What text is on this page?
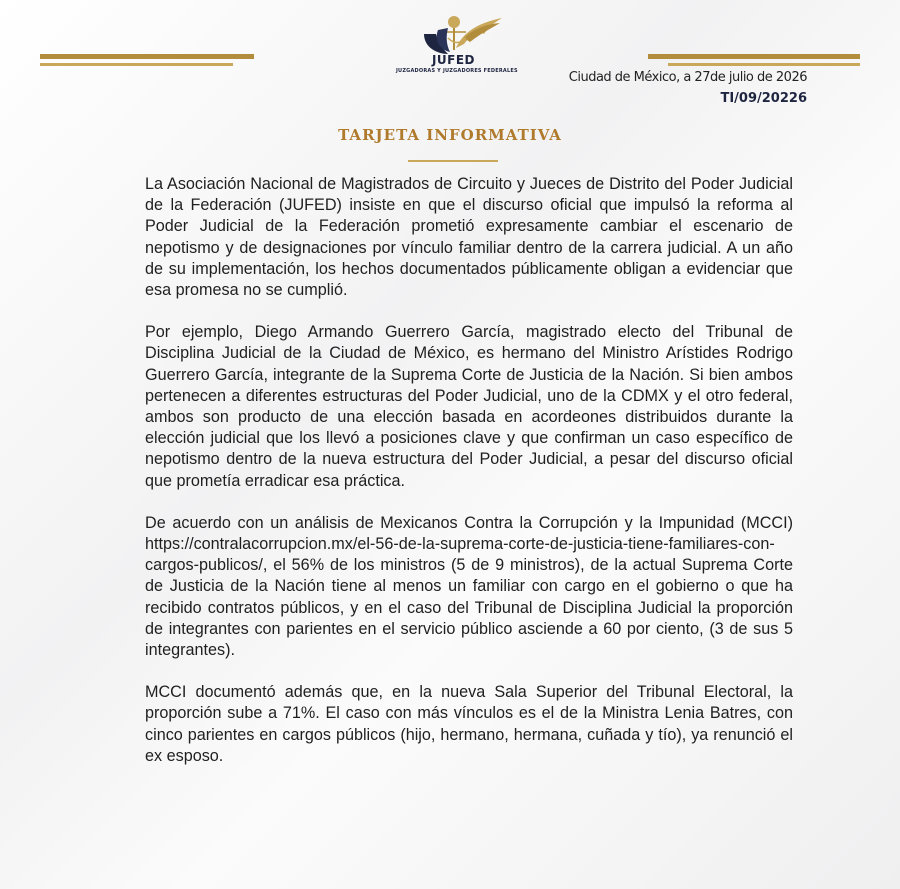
JUFED
JUZGADORAS Y JUZGADORES FEDERALES	Ciudad de México, a 27de julio de 2026
TI/09/20226
TARJETA INFORMATIVA

La Asociación Nacional de Magistrados de Circuito y Jueces de Distrito del Poder Judicial de la Federación (JUFED) insiste en que el discurso oficial que impulsó la reforma al Poder Judicial de la Federación prometió expresamente cambiar el escenario de nepotismo y de designaciones por vínculo familiar dentro de la carrera judicial. A un año de su implementación, los hechos documentados públicamente obligan a evidenciar que esa promesa no se cumplió.

Por ejemplo, Diego Armando Guerrero García, magistrado electo del Tribunal de Disciplina Judicial de la Ciudad de México, es hermano del Ministro Arístides Rodrigo Guerrero García, integrante de la Suprema Corte de Justicia de la Nación. Si bien ambos pertenecen a diferentes estructuras del Poder Judicial, uno de la CDMX y el otro federal, ambos son producto de una elección basada en acordeones distribuidos durante la elección judicial que los llevó a posiciones clave y que confirman un caso específico de nepotismo dentro de la nueva estructura del Poder Judicial, a pesar del discurso oficial que prometía erradicar esa práctica.

De acuerdo con un análisis de Mexicanos Contra la Corrupción y la Impunidad (MCCI) https://contralacorrupcion.mx/el-56-de-la-suprema-corte-de-justicia-tiene-familiares-con-cargos-publicos/, el 56% de los ministros (5 de 9 ministros), de la actual Suprema Corte de Justicia de la Nación tiene al menos un familiar con cargo en el gobierno o que ha recibido contratos públicos, y en el caso del Tribunal de Disciplina Judicial la proporción de integrantes con parientes en el servicio público asciende a 60 por ciento, (3 de sus 5 integrantes).

MCCI documentó además que, en la nueva Sala Superior del Tribunal Electoral, la proporción sube a 71%. El caso con más vínculos es el de la Ministra Lenia Batres, con cinco parientes en cargos públicos (hijo, hermano, hermana, cuñada y tío), ya renunció el ex esposo.
